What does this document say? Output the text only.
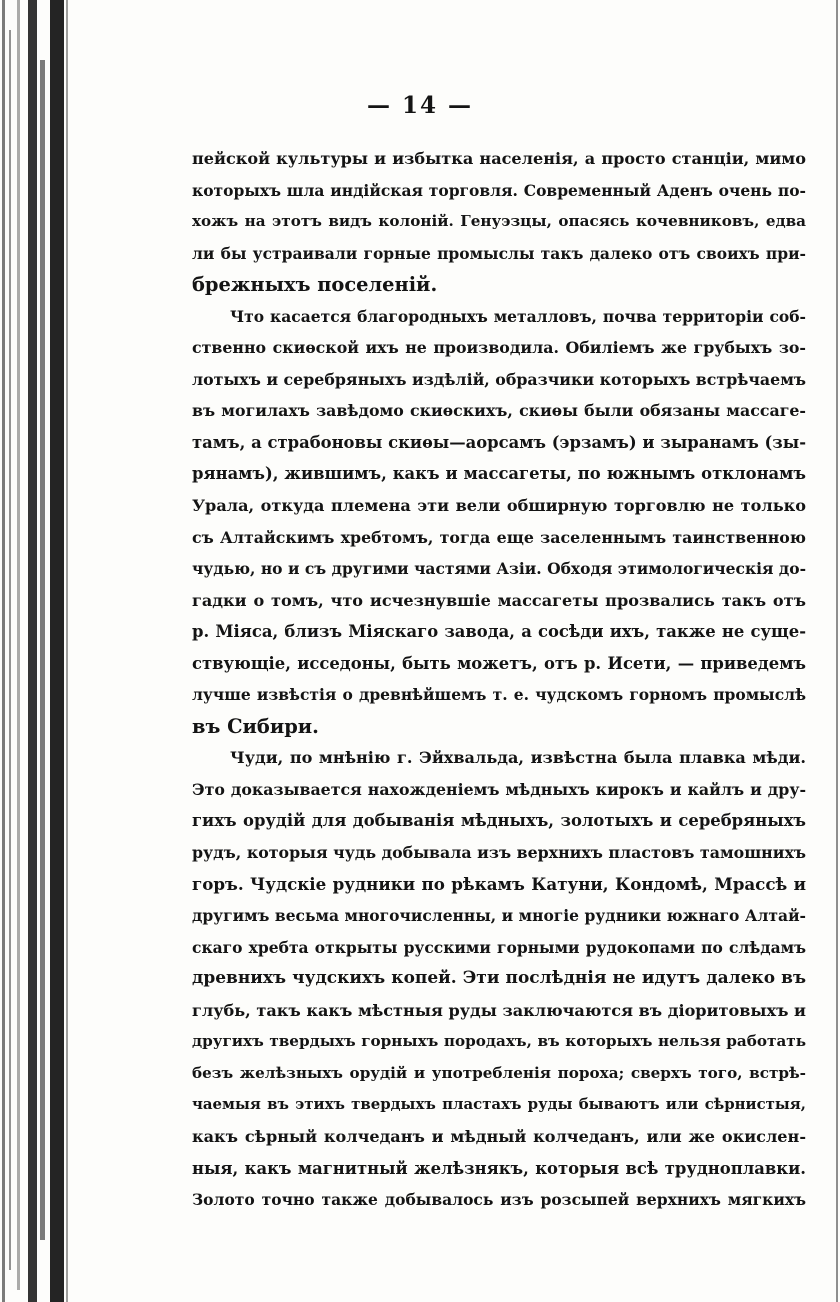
— 14 —
пейской культуры и избытка населенія, а просто станціи, мимо
которыхъ шла индійская торговля. Современный Аденъ очень по-
хожъ на этотъ видъ колоній. Генуэзцы, опасясь кочевниковъ, едва
ли бы устраивали горные промыслы такъ далеко отъ своихъ при-
брежныхъ поселеній.
Что касается благородныхъ металловъ, почва территоріи соб-
ственно скиѳской ихъ не производила. Обиліемъ же грубыхъ зо-
лотыхъ и серебряныхъ издѣлій, образчики которыхъ встрѣчаемъ
въ могилахъ завѣдомо скиѳскихъ, скиѳы были обязаны массаге-
тамъ, а страбоновы скиѳы—аорсамъ (эрзамъ) и зыранамъ (зы-
рянамъ), жившимъ, какъ и массагеты, по южнымъ отклонамъ
Урала, откуда племена эти вели обширную торговлю не только
съ Алтайскимъ хребтомъ, тогда еще заселеннымъ таинственною
чудью, но и съ другими частями Азіи. Обходя этимологическія до-
гадки о томъ, что исчезнувшіе массагеты прозвались такъ отъ
р. Міяса, близъ Міяскаго завода, а сосѣди ихъ, также не суще-
ствующіе, исседоны, быть можетъ, отъ р. Исети, — приведемъ
лучше извѣстія о древнѣйшемъ т. е. чудскомъ горномъ промыслѣ
въ Сибири.
Чуди, по мнѣнію г. Эйхвальда, извѣстна была плавка мѣди.
Это доказывается нахожденіемъ мѣдныхъ кирокъ и кайлъ и дру-
гихъ орудій для добыванія мѣдныхъ, золотыхъ и серебряныхъ
рудъ, которыя чудь добывала изъ верхнихъ пластовъ тамошнихъ
горъ. Чудскіе рудники по рѣкамъ Катуни, Кондомѣ, Мрассѣ и
другимъ весьма многочисленны, и многіе рудники южнаго Алтай-
скаго хребта открыты русскими горными рудокопами по слѣдамъ
древнихъ чудскихъ копей. Эти послѣднія не идутъ далеко въ
глубь, такъ какъ мѣстныя руды заключаются въ діоритовыхъ и
другихъ твердыхъ горныхъ породахъ, въ которыхъ нельзя работать
безъ желѣзныхъ орудій и употребленія пороха; сверхъ того, встрѣ-
чаемыя въ этихъ твердыхъ пластахъ руды бываютъ или сѣрнистыя,
какъ сѣрный колчеданъ и мѣдный колчеданъ, или же окислен-
ныя, какъ магнитный желѣзнякъ, которыя всѣ трудноплавки.
Золото точно также добывалось изъ розсыпей верхнихъ мягкихъ
